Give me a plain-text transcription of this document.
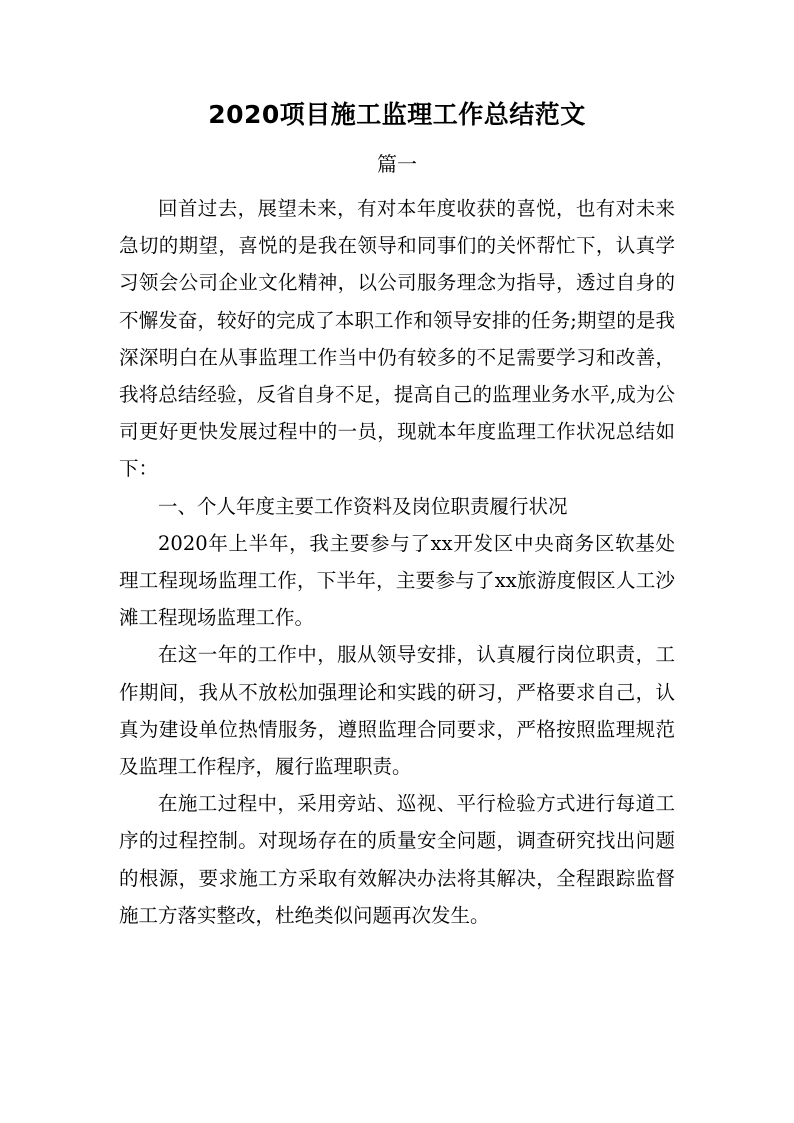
2020项目施工监理工作总结范文
篇一

回首过去，展望未来，有对本年度收获的喜悦，也有对未来急切的期望，喜悦的是我在领导和同事们的关怀帮忙下，认真学习领会公司企业文化精神，以公司服务理念为指导，透过自身的不懈发奋，较好的完成了本职工作和领导安排的任务;期望的是我深深明白在从事监理工作当中仍有较多的不足需要学习和改善，我将总结经验，反省自身不足，提高自己的监理业务水平,成为公司更好更快发展过程中的一员，现就本年度监理工作状况总结如下：

一、个人年度主要工作资料及岗位职责履行状况

2020年上半年，我主要参与了xx开发区中央商务区软基处理工程现场监理工作，下半年，主要参与了xx旅游度假区人工沙滩工程现场监理工作。

在这一年的工作中，服从领导安排，认真履行岗位职责，工作期间，我从不放松加强理论和实践的研习，严格要求自己，认真为建设单位热情服务，遵照监理合同要求，严格按照监理规范及监理工作程序，履行监理职责。

在施工过程中，采用旁站、巡视、平行检验方式进行每道工序的过程控制。对现场存在的质量安全问题，调查研究找出问题的根源，要求施工方采取有效解决办法将其解决，全程跟踪监督施工方落实整改，杜绝类似问题再次发生。
